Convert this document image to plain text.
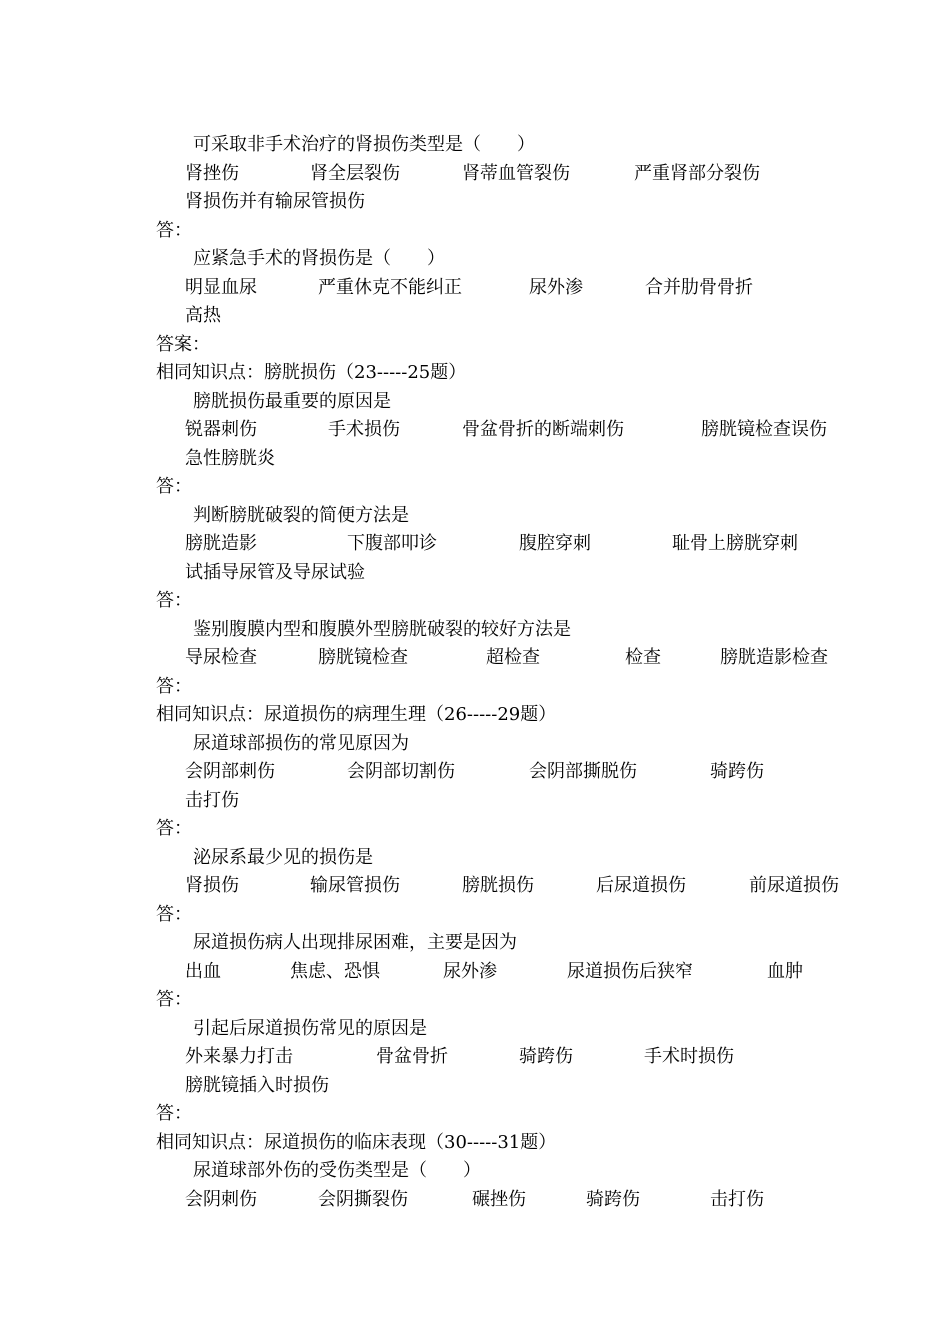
可采取非手术治疗的肾损伤类型是（　　）
肾挫伤	肾全层裂伤	肾蒂血管裂伤	严重肾部分裂伤
肾损伤并有输尿管损伤
答：
应紧急手术的肾损伤是（　　）
明显血尿	严重休克不能纠正	尿外渗	合并肋骨骨折
高热
答案：
相同知识点：膀胱损伤（23-----25题）
膀胱损伤最重要的原因是
锐器刺伤	手术损伤	骨盆骨折的断端刺伤	膀胱镜检查误伤
急性膀胱炎
答：
判断膀胱破裂的简便方法是
膀胱造影	下腹部叩诊	腹腔穿刺	耻骨上膀胱穿刺
试插导尿管及导尿试验
答：
鉴别腹膜内型和腹膜外型膀胱破裂的较好方法是
导尿检查	膀胱镜检查	超检查	检查	膀胱造影检查
答：
相同知识点：尿道损伤的病理生理（26-----29题）
尿道球部损伤的常见原因为
会阴部刺伤	会阴部切割伤	会阴部撕脱伤	骑跨伤
击打伤
答：
泌尿系最少见的损伤是
肾损伤	输尿管损伤	膀胱损伤	后尿道损伤	前尿道损伤
答：
尿道损伤病人出现排尿困难，主要是因为
出血	焦虑、恐惧	尿外渗	尿道损伤后狭窄	血肿
答：
引起后尿道损伤常见的原因是
外来暴力打击	骨盆骨折	骑跨伤	手术时损伤
膀胱镜插入时损伤
答：
相同知识点：尿道损伤的临床表现（30-----31题）
尿道球部外伤的受伤类型是（　　）
会阴刺伤	会阴撕裂伤	碾挫伤	骑跨伤	击打伤
